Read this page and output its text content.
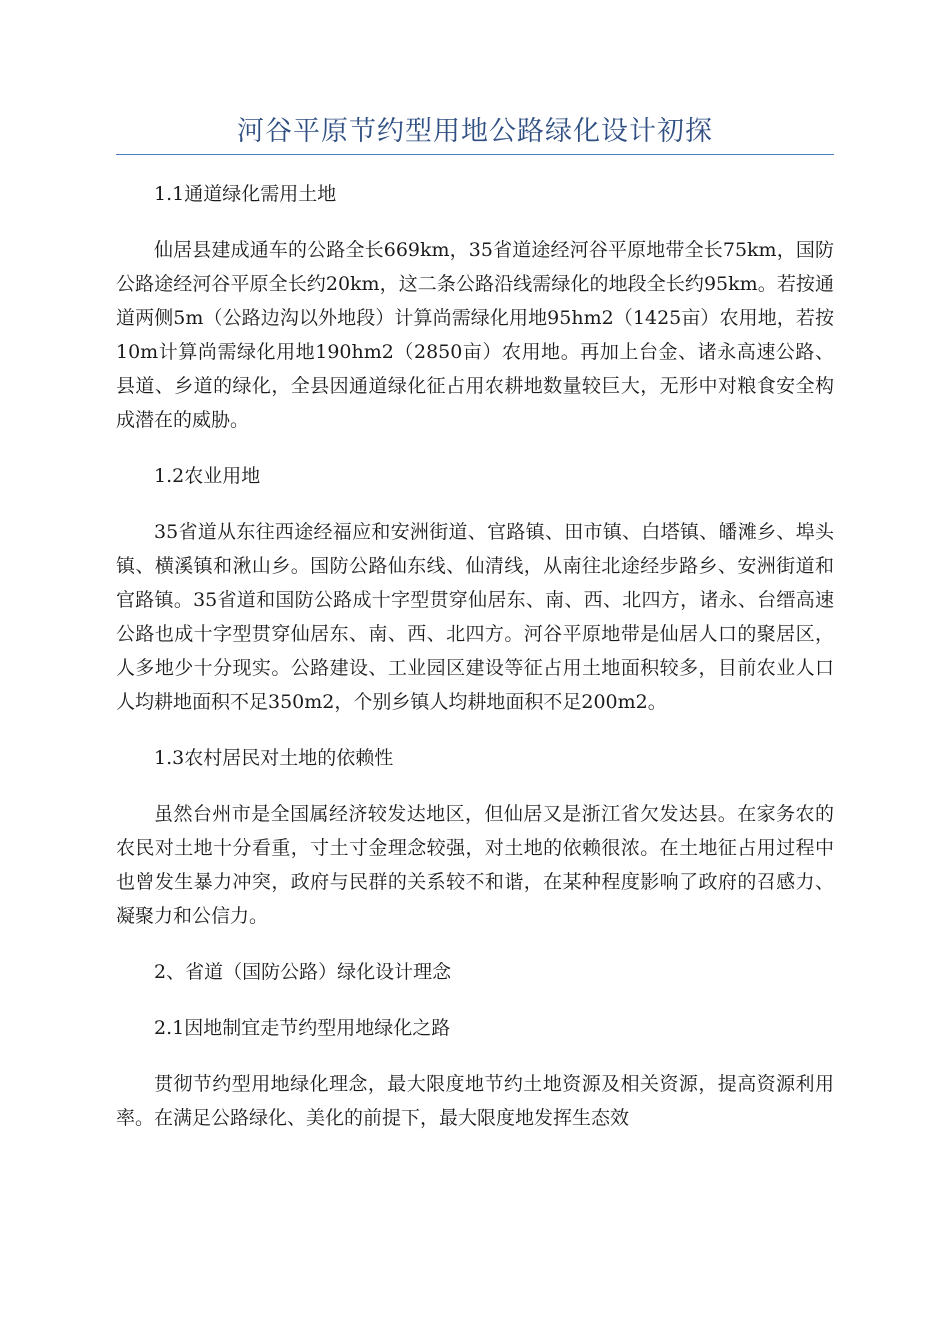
河谷平原节约型用地公路绿化设计初探

1.1通道绿化需用土地

仙居县建成通车的公路全长669km，35省道途经河谷平原地带全长75km，国防公路途经河谷平原全长约20km，这二条公路沿线需绿化的地段全长约95km。若按通道两侧5m（公路边沟以外地段）计算尚需绿化用地95hm2（1425亩）农用地，若按10m计算尚需绿化用地190hm2（2850亩）农用地。再加上台金、诸永高速公路、县道、乡道的绿化，全县因通道绿化征占用农耕地数量较巨大，无形中对粮食安全构成潜在的威胁。

1.2农业用地

35省道从东往西途经福应和安洲街道、官路镇、田市镇、白塔镇、皤滩乡、埠头镇、横溪镇和湫山乡。国防公路仙东线、仙清线，从南往北途经步路乡、安洲街道和官路镇。35省道和国防公路成十字型贯穿仙居东、南、西、北四方，诸永、台缙高速公路也成十字型贯穿仙居东、南、西、北四方。河谷平原地带是仙居人口的聚居区，人多地少十分现实。公路建设、工业园区建设等征占用土地面积较多，目前农业人口人均耕地面积不足350m2，个别乡镇人均耕地面积不足200m2。

1.3农村居民对土地的依赖性

虽然台州市是全国属经济较发达地区，但仙居又是浙江省欠发达县。在家务农的农民对土地十分看重，寸土寸金理念较强，对土地的依赖很浓。在土地征占用过程中也曾发生暴力冲突，政府与民群的关系较不和谐，在某种程度影响了政府的召感力、凝聚力和公信力。

2、省道（国防公路）绿化设计理念

2.1因地制宜走节约型用地绿化之路

贯彻节约型用地绿化理念，最大限度地节约土地资源及相关资源，提高资源利用率。在满足公路绿化、美化的前提下，最大限度地发挥生态效
